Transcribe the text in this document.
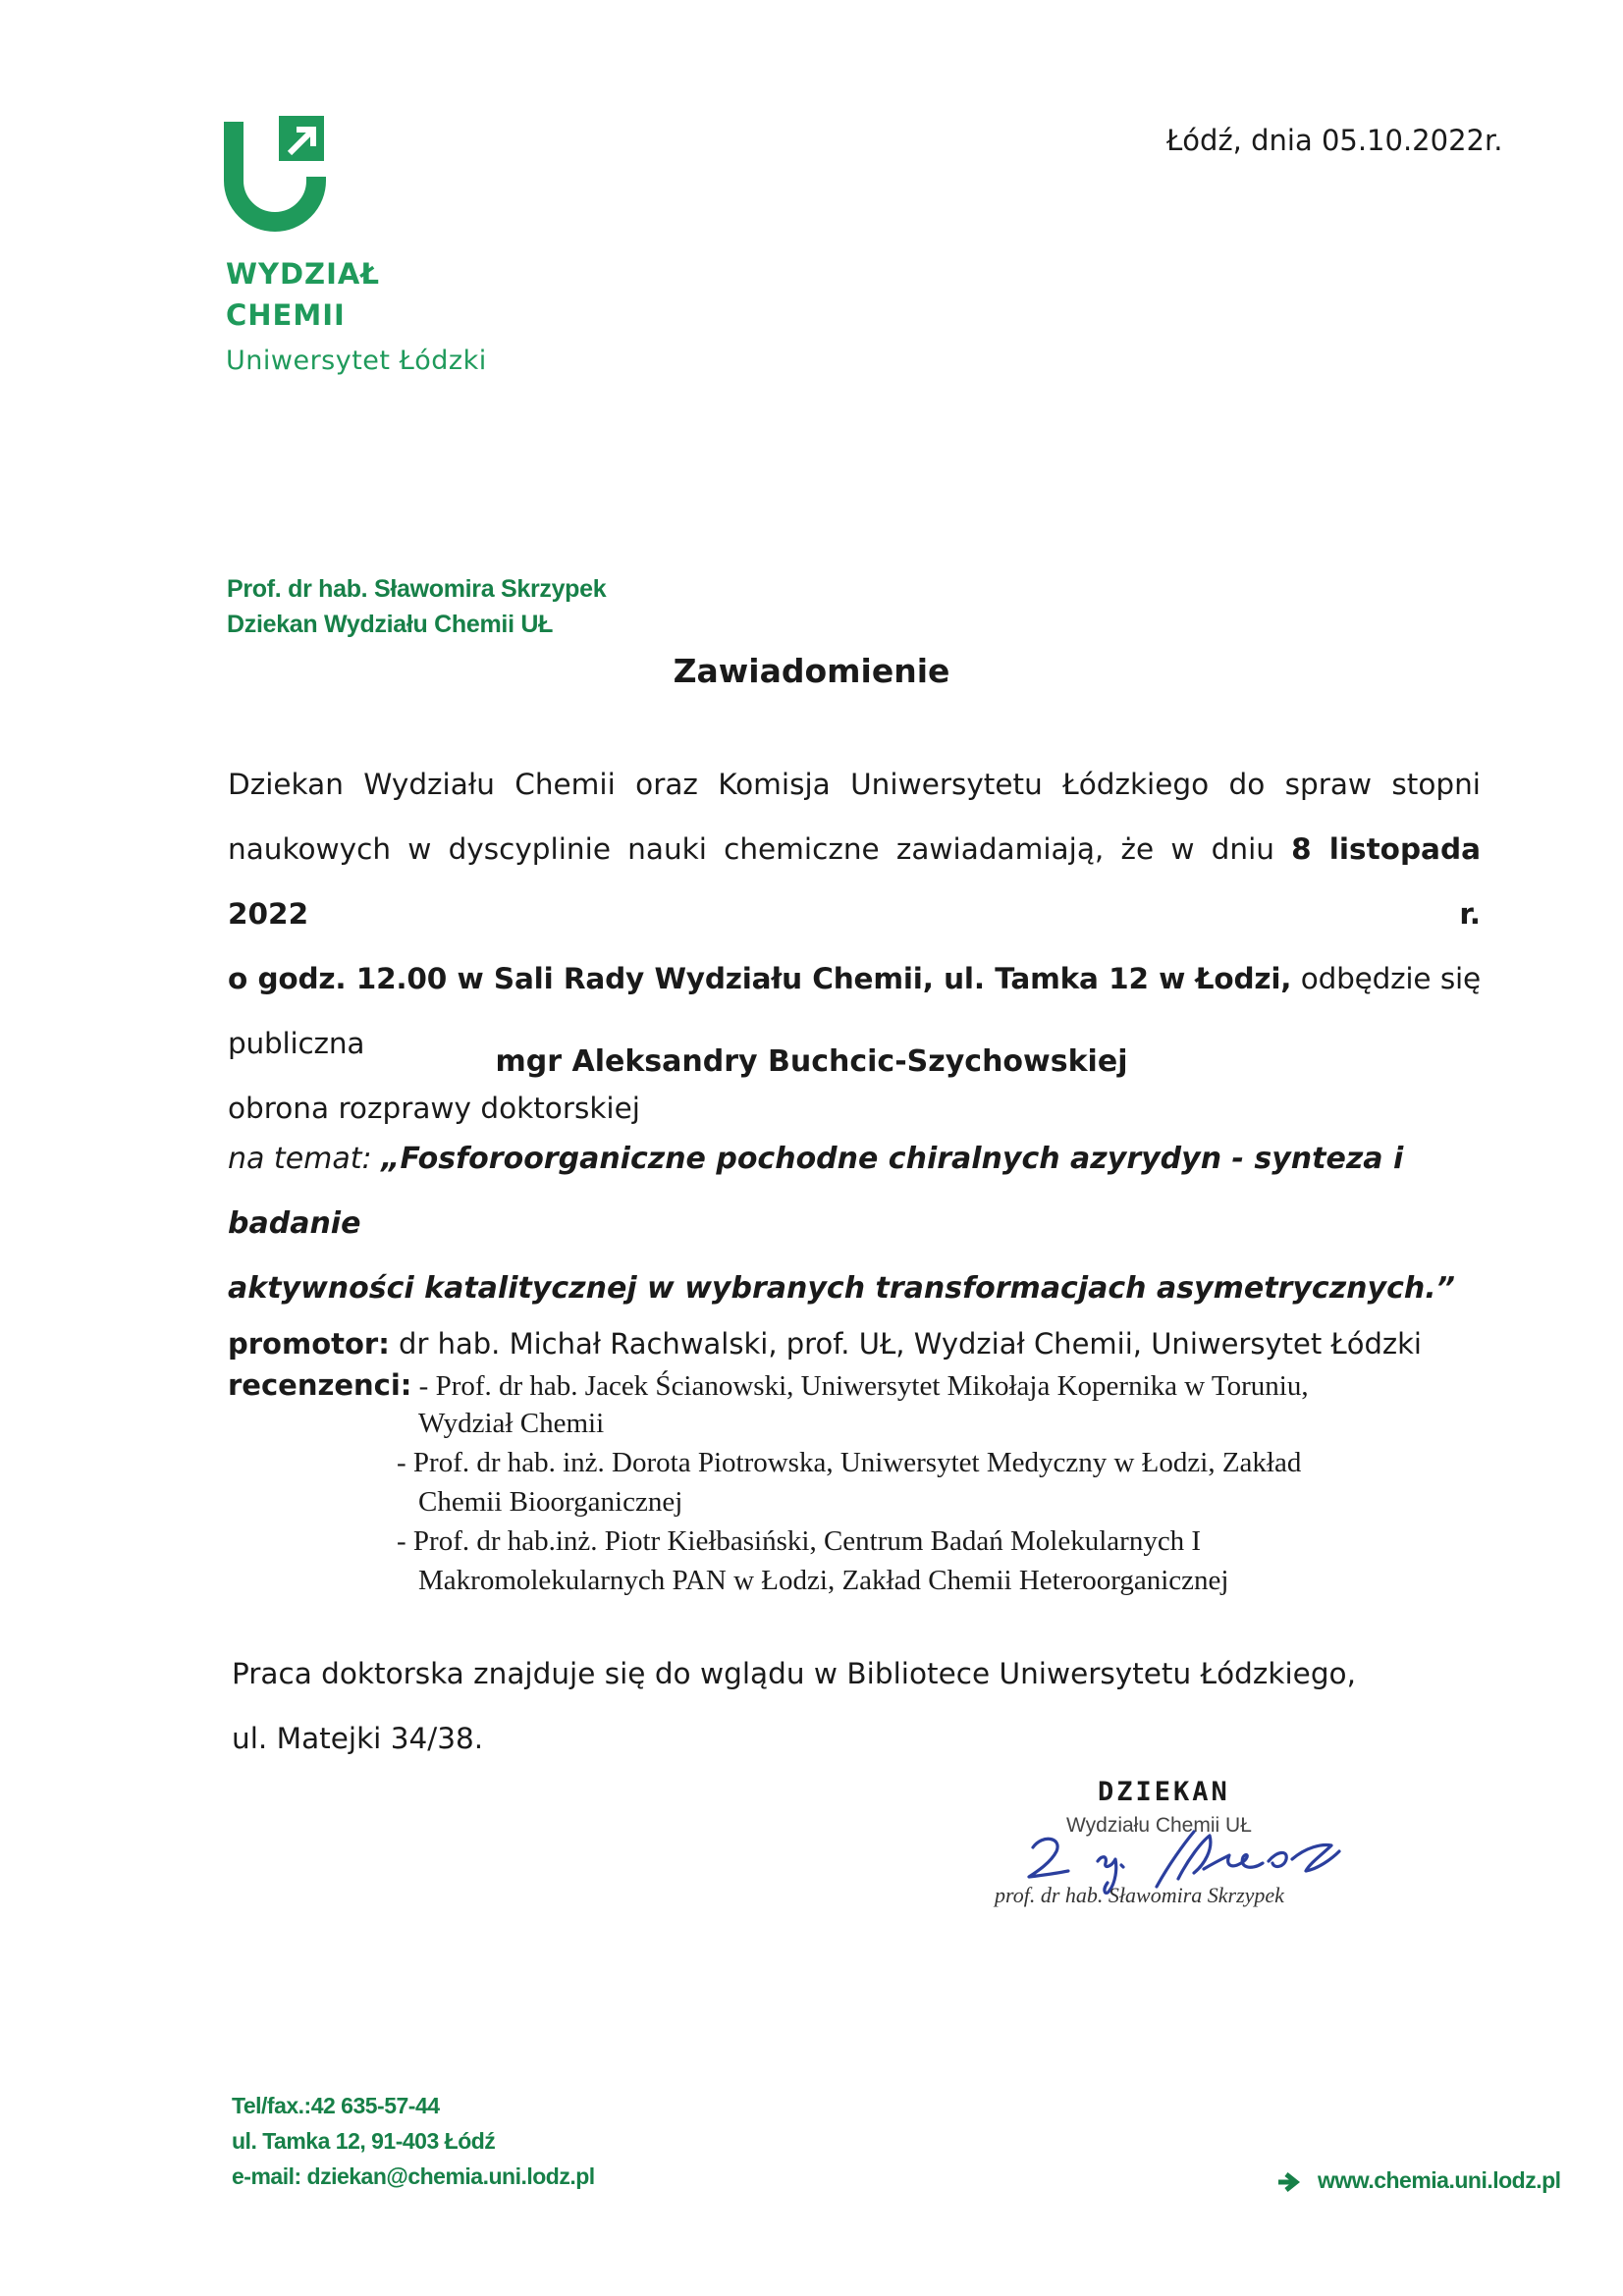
WYDZIAŁ
CHEMII
Uniwersytet Łódzki
Łódź, dnia 05.10.2022r.
Prof. dr hab. Sławomira Skrzypek
Dziekan Wydziału Chemii UŁ
Zawiadomienie
Dziekan Wydziału Chemii oraz Komisja Uniwersytetu Łódzkiego do spraw stopni
naukowych w dyscyplinie nauki chemiczne zawiadamiają, że w dniu 8 listopada 2022 r.
o godz. 12.00 w Sali Rady Wydziału Chemii, ul. Tamka 12 w Łodzi, odbędzie się publiczna
obrona rozprawy doktorskiej
mgr Aleksandry Buchcic-Szychowskiej
na temat: „Fosforoorganiczne pochodne chiralnych azyrydyn - synteza i badanie
aktywności katalitycznej w wybranych transformacjach asymetrycznych.”
promotor: dr hab. Michał Rachwalski, prof. UŁ, Wydział Chemii, Uniwersytet Łódzki
recenzenci: - Prof. dr hab. Jacek Ścianowski, Uniwersytet Mikołaja Kopernika w Toruniu,
Wydział Chemii
- Prof. dr hab. inż. Dorota Piotrowska, Uniwersytet Medyczny w Łodzi, Zakład
Chemii Bioorganicznej
- Prof. dr hab.inż. Piotr Kiełbasiński, Centrum Badań Molekularnych I
Makromolekularnych PAN w Łodzi, Zakład Chemii Heteroorganicznej
Praca doktorska znajduje się do wglądu w Bibliotece Uniwersytetu Łódzkiego,
ul. Matejki 34/38.
DZIEKAN
Wydziału Chemii UŁ
prof. dr hab. Sławomira Skrzypek
Tel/fax.:42 635-57-44
ul. Tamka 12, 91-403 Łódź
e-mail: dziekan@chemia.uni.lodz.pl	www.chemia.uni.lodz.pl
